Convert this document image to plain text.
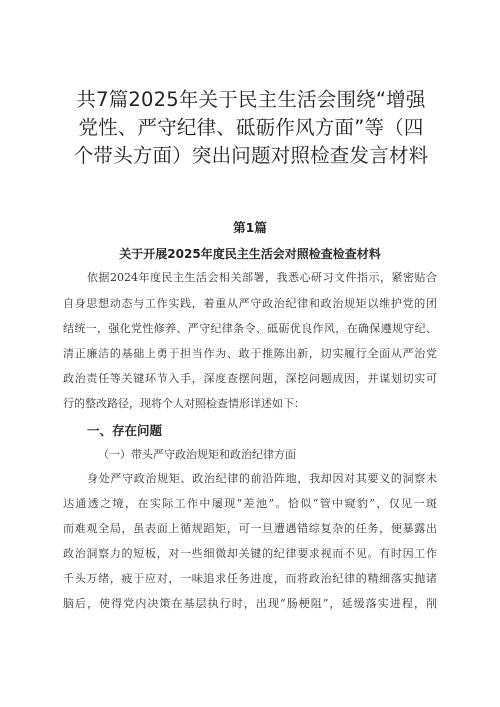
共7篇2025年关于民主生活会围绕“增强党性、严守纪律、砥砺作风方面”等（四个带头方面）突出问题对照检查发言材料
第1篇
关于开展2025年度民主生活会对照检查检查材料
依据2024年度民主生活会相关部署，我悉心研习文件指示，紧密贴合
自身思想动态与工作实践，着重从严守政治纪律和政治规矩以维护党的团
结统一，强化党性修养、严守纪律条令、砥砺优良作风，在确保遵规守纪、
清正廉洁的基础上勇于担当作为、敢于推陈出新，切实履行全面从严治党
政治责任等关键环节入手，深度查摆问题，深挖问题成因，并谋划切实可
行的整改路径，现将个人对照检查情形详述如下：
一、存在问题
（一）带头严守政治规矩和政治纪律方面
身处严守政治规矩、政治纪律的前沿阵地，我却因对其要义的洞察未
达通透之境，在实际工作中屡现“差池”。恰似“管中窥豹”，仅见一斑
而难观全局，虽表面上循规蹈矩，可一旦遭遇错综复杂的任务，便暴露出
政治洞察力的短板，对一些细微却关键的纪律要求视而不见。有时因工作
千头万绪，疲于应对，一味追求任务进度，而将政治纪律的精细落实抛诸
脑后，使得党内决策在基层执行时，出现“肠梗阻”，延缓落实进程，削
